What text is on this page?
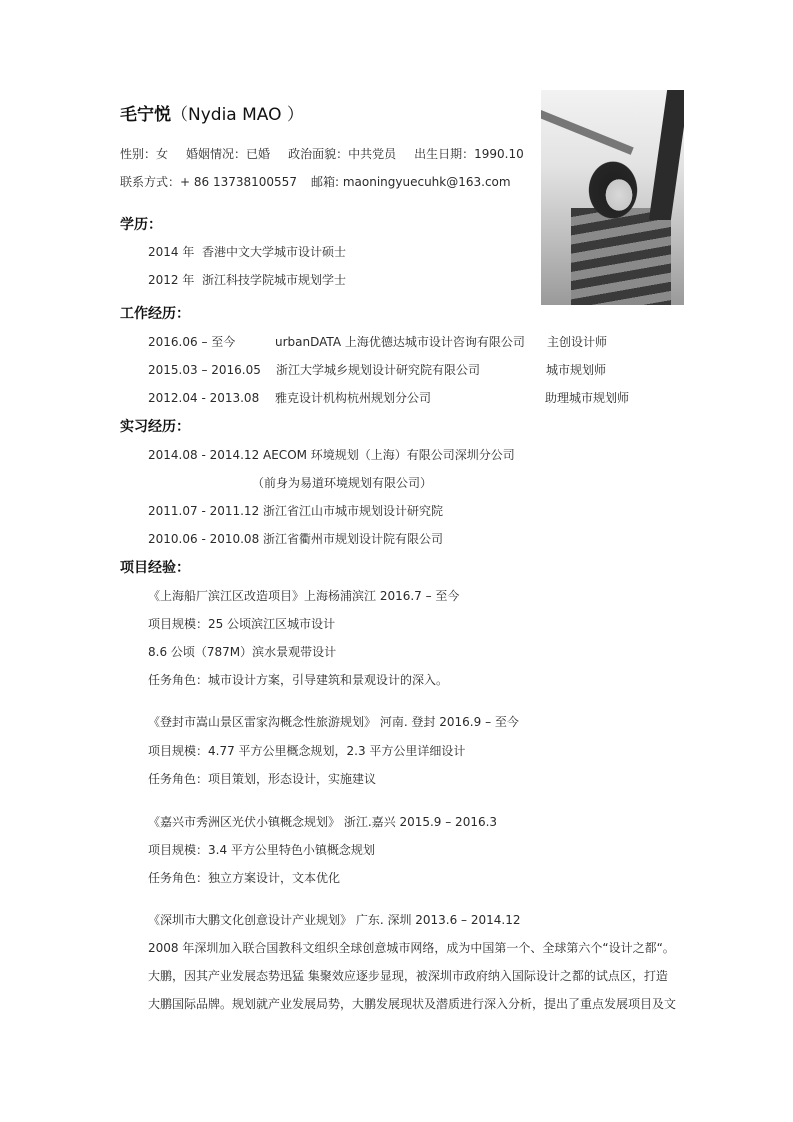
毛宁悦（Nydia MAO ）
性别：女 婚姻情况：已婚 政治面貌：中共党员 出生日期：1990.10
联系方式：+ 86 13738100557 邮箱: maoningyuecuhk@163.com
学历：
2014 年 香港中文大学城市设计硕士
2012 年 浙江科技学院城市规划学士
工作经历：
2016.06 – 至今	urbanDATA 上海优德达城市设计咨询有限公司 主创设计师
2015.03 – 2016.05 浙江大学城乡规划设计研究院有限公司	城市规划师
2012.04 - 2013.08 雅克设计机构杭州规划分公司	助理城市规划师
实习经历：
2014.08 - 2014.12 AECOM 环境规划（上海）有限公司深圳分公司
（前身为易道环境规划有限公司）
2011.07 - 2011.12 浙江省江山市城市规划设计研究院
2010.06 - 2010.08 浙江省衢州市规划设计院有限公司
项目经验：
《上海船厂滨江区改造项目》上海杨浦滨江 2016.7 – 至今
项目规模：25 公顷滨江区城市设计
8.6 公顷（787M）滨水景观带设计
任务角色：城市设计方案，引导建筑和景观设计的深入。
《登封市嵩山景区雷家沟概念性旅游规划》 河南. 登封 2016.9 – 至今
项目规模：4.77 平方公里概念规划，2.3 平方公里详细设计
任务角色：项目策划，形态设计，实施建议
《嘉兴市秀洲区光伏小镇概念规划》 浙江.嘉兴 2015.9 – 2016.3
项目规模：3.4 平方公里特色小镇概念规划
任务角色：独立方案设计，文本优化
《深圳市大鹏文化创意设计产业规划》 广东. 深圳 2013.6 – 2014.12
2008 年深圳加入联合国教科文组织全球创意城市网络，成为中国第一个、全球第六个“设计之都“。
大鹏，因其产业发展态势迅猛 集聚效应逐步显现，被深圳市政府纳入国际设计之都的试点区，打造
大鹏国际品牌。规划就产业发展局势，大鹏发展现状及潜质进行深入分析，提出了重点发展项目及文
